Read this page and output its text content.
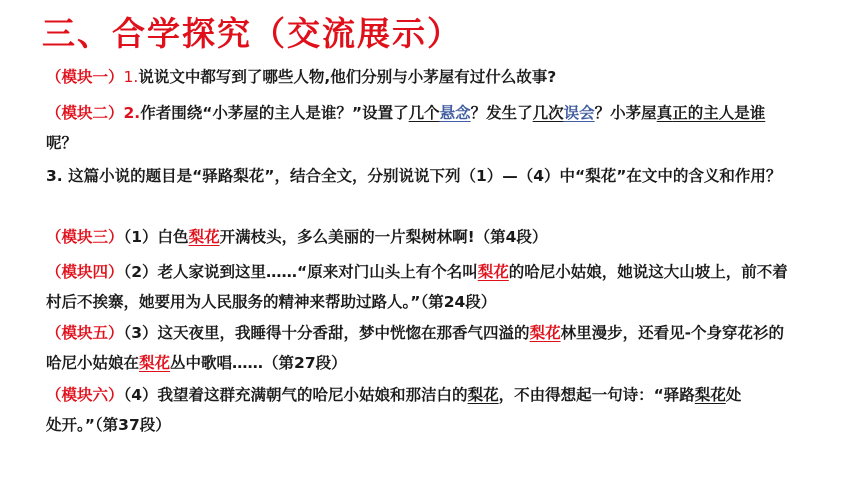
三、合学探究（交流展示）
（模块一）1.说说文中都写到了哪些人物,他们分别与小茅屋有过什么故事?
（模块二）2.作者围绕“小茅屋的主人是谁？”设置了几个悬念？发生了几次误会？小茅屋真正的主人是谁呢？
3. 这篇小说的题目是“驿路梨花”，结合全文，分别说说下列（1）—（4）中“梨花”在文中的含义和作用？
（模块三）（1）白色梨花开满枝头，多么美丽的一片梨树林啊!（第4段）
（模块四）（2）老人家说到这里……“原来对门山头上有个名叫梨花的哈尼小姑娘，她说这大山坡上，前不着村后不挨寨，她要用为人民服务的精神来帮助过路人。”（第24段）
（模块五）（3）这天夜里，我睡得十分香甜，梦中恍惚在那香气四溢的梨花林里漫步，还看见-个身穿花衫的哈尼小姑娘在梨花丛中歌唱……（第27段）
（模块六）（4）我望着这群充满朝气的哈尼小姑娘和那洁白的梨花，不由得想起一句诗：“驿路梨花处处开。”（第37段）
